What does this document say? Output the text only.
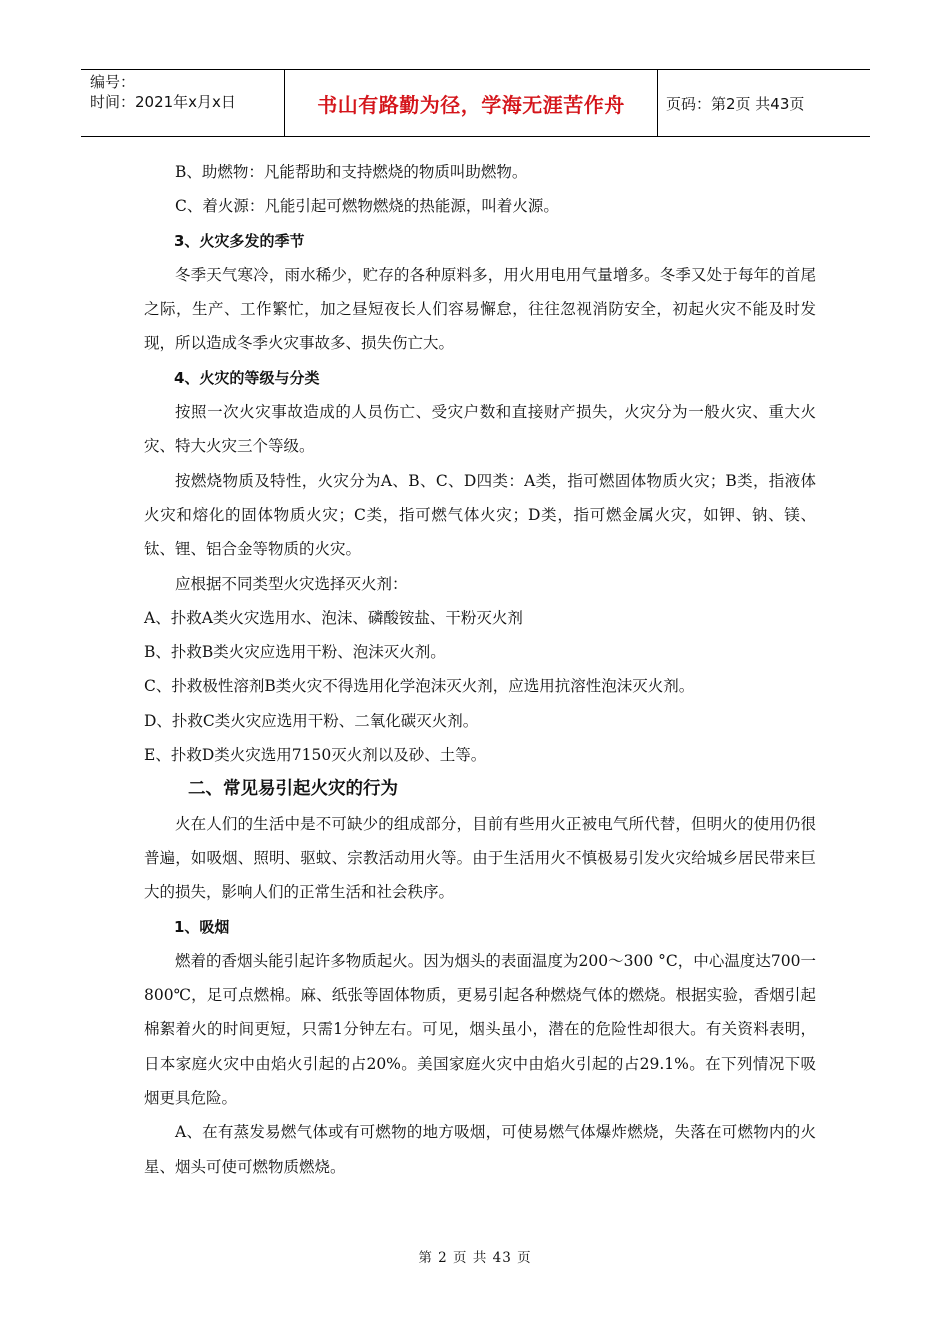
编号：
时间：2021年x月x日	书山有路勤为径，学海无涯苦作舟	页码：第2页 共43页

B、助燃物：凡能帮助和支持燃烧的物质叫助燃物。

C、着火源：凡能引起可燃物燃烧的热能源，叫着火源。

3、火灾多发的季节

冬季天气寒冷，雨水稀少，贮存的各种原料多，用火用电用气量增多。冬季又处于每年的首尾之际，生产、工作繁忙，加之昼短夜长人们容易懈怠，往往忽视消防安全，初起火灾不能及时发现，所以造成冬季火灾事故多、损失伤亡大。

4、火灾的等级与分类

按照一次火灾事故造成的人员伤亡、受灾户数和直接财产损失，火灾分为一般火灾、重大火灾、特大火灾三个等级。

按燃烧物质及特性，火灾分为A、B、C、D四类：A类，指可燃固体物质火灾；B类，指液体火灾和熔化的固体物质火灾；C类，指可燃气体火灾；D类，指可燃金属火灾，如钾、钠、镁、钛、锂、铝合金等物质的火灾。

应根据不同类型火灾选择灭火剂：

A、扑救A类火灾选用水、泡沫、磷酸铵盐、干粉灭火剂

B、扑救B类火灾应选用干粉、泡沫灭火剂。

C、扑救极性溶剂B类火灾不得选用化学泡沫灭火剂，应选用抗溶性泡沫灭火剂。

D、扑救C类火灾应选用干粉、二氧化碳灭火剂。

E、扑救D类火灾选用7150灭火剂以及砂、土等。

二、常见易引起火灾的行为

火在人们的生活中是不可缺少的组成部分，目前有些用火正被电气所代替，但明火的使用仍很普遍，如吸烟、照明、驱蚊、宗教活动用火等。由于生活用火不慎极易引发火灾给城乡居民带来巨大的损失，影响人们的正常生活和社会秩序。

1、吸烟

燃着的香烟头能引起许多物质起火。因为烟头的表面温度为200～300 °C，中心温度达700一800℃，足可点燃棉。麻、纸张等固体物质，更易引起各种燃烧气体的燃烧。根据实验，香烟引起棉絮着火的时间更短，只需1分钟左右。可见，烟头虽小，潜在的危险性却很大。有关资料表明，日本家庭火灾中由焰火引起的占20%。美国家庭火灾中由焰火引起的占29.1%。在下列情况下吸烟更具危险。

A、在有蒸发易燃气体或有可燃物的地方吸烟，可使易燃气体爆炸燃烧，失落在可燃物内的火星、烟头可使可燃物质燃烧。

第 2 页 共 43 页
